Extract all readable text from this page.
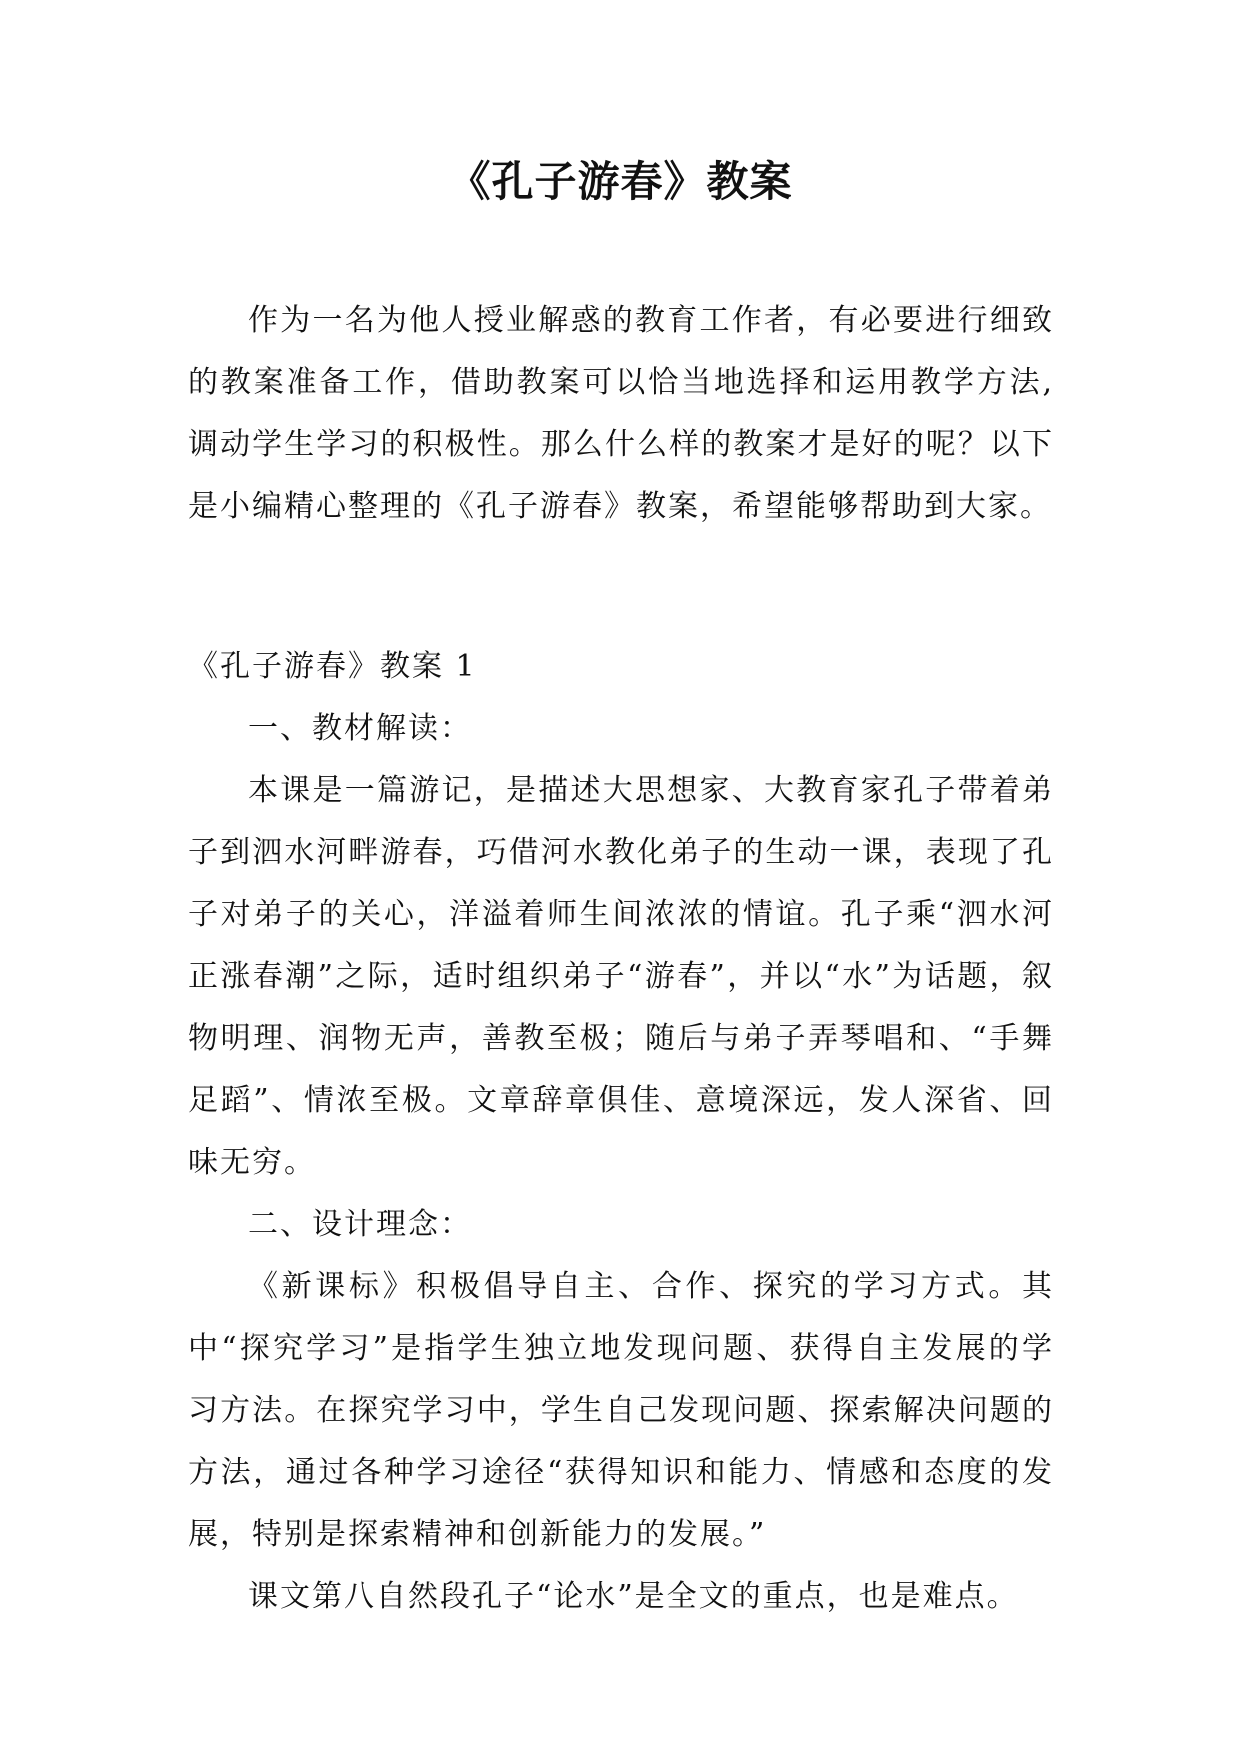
《孔子游春》教案

作为一名为他人授业解惑的教育工作者，有必要进行细致的教案准备工作，借助教案可以恰当地选择和运用教学方法,调动学生学习的积极性。那么什么样的教案才是好的呢？以下是小编精心整理的《孔子游春》教案，希望能够帮助到大家。

《孔子游春》教案 1

一、教材解读：

本课是一篇游记，是描述大思想家、大教育家孔子带着弟子到泗水河畔游春，巧借河水教化弟子的生动一课，表现了孔子对弟子的关心，洋溢着师生间浓浓的情谊。孔子乘“泗水河正涨春潮”之际，适时组织弟子“游春”，并以“水”为话题，叙物明理、润物无声，善教至极；随后与弟子弄琴唱和、“手舞足蹈”、情浓至极。文章辞章俱佳、意境深远，发人深省、回味无穷。

二、设计理念：

《新课标》积极倡导自主、合作、探究的学习方式。其中“探究学习”是指学生独立地发现问题、获得自主发展的学习方法。在探究学习中，学生自己发现问题、探索解决问题的方法，通过各种学习途径“获得知识和能力、情感和态度的发展，特别是探索精神和创新能力的发展。”

课文第八自然段孔子“论水”是全文的重点，也是难点。
